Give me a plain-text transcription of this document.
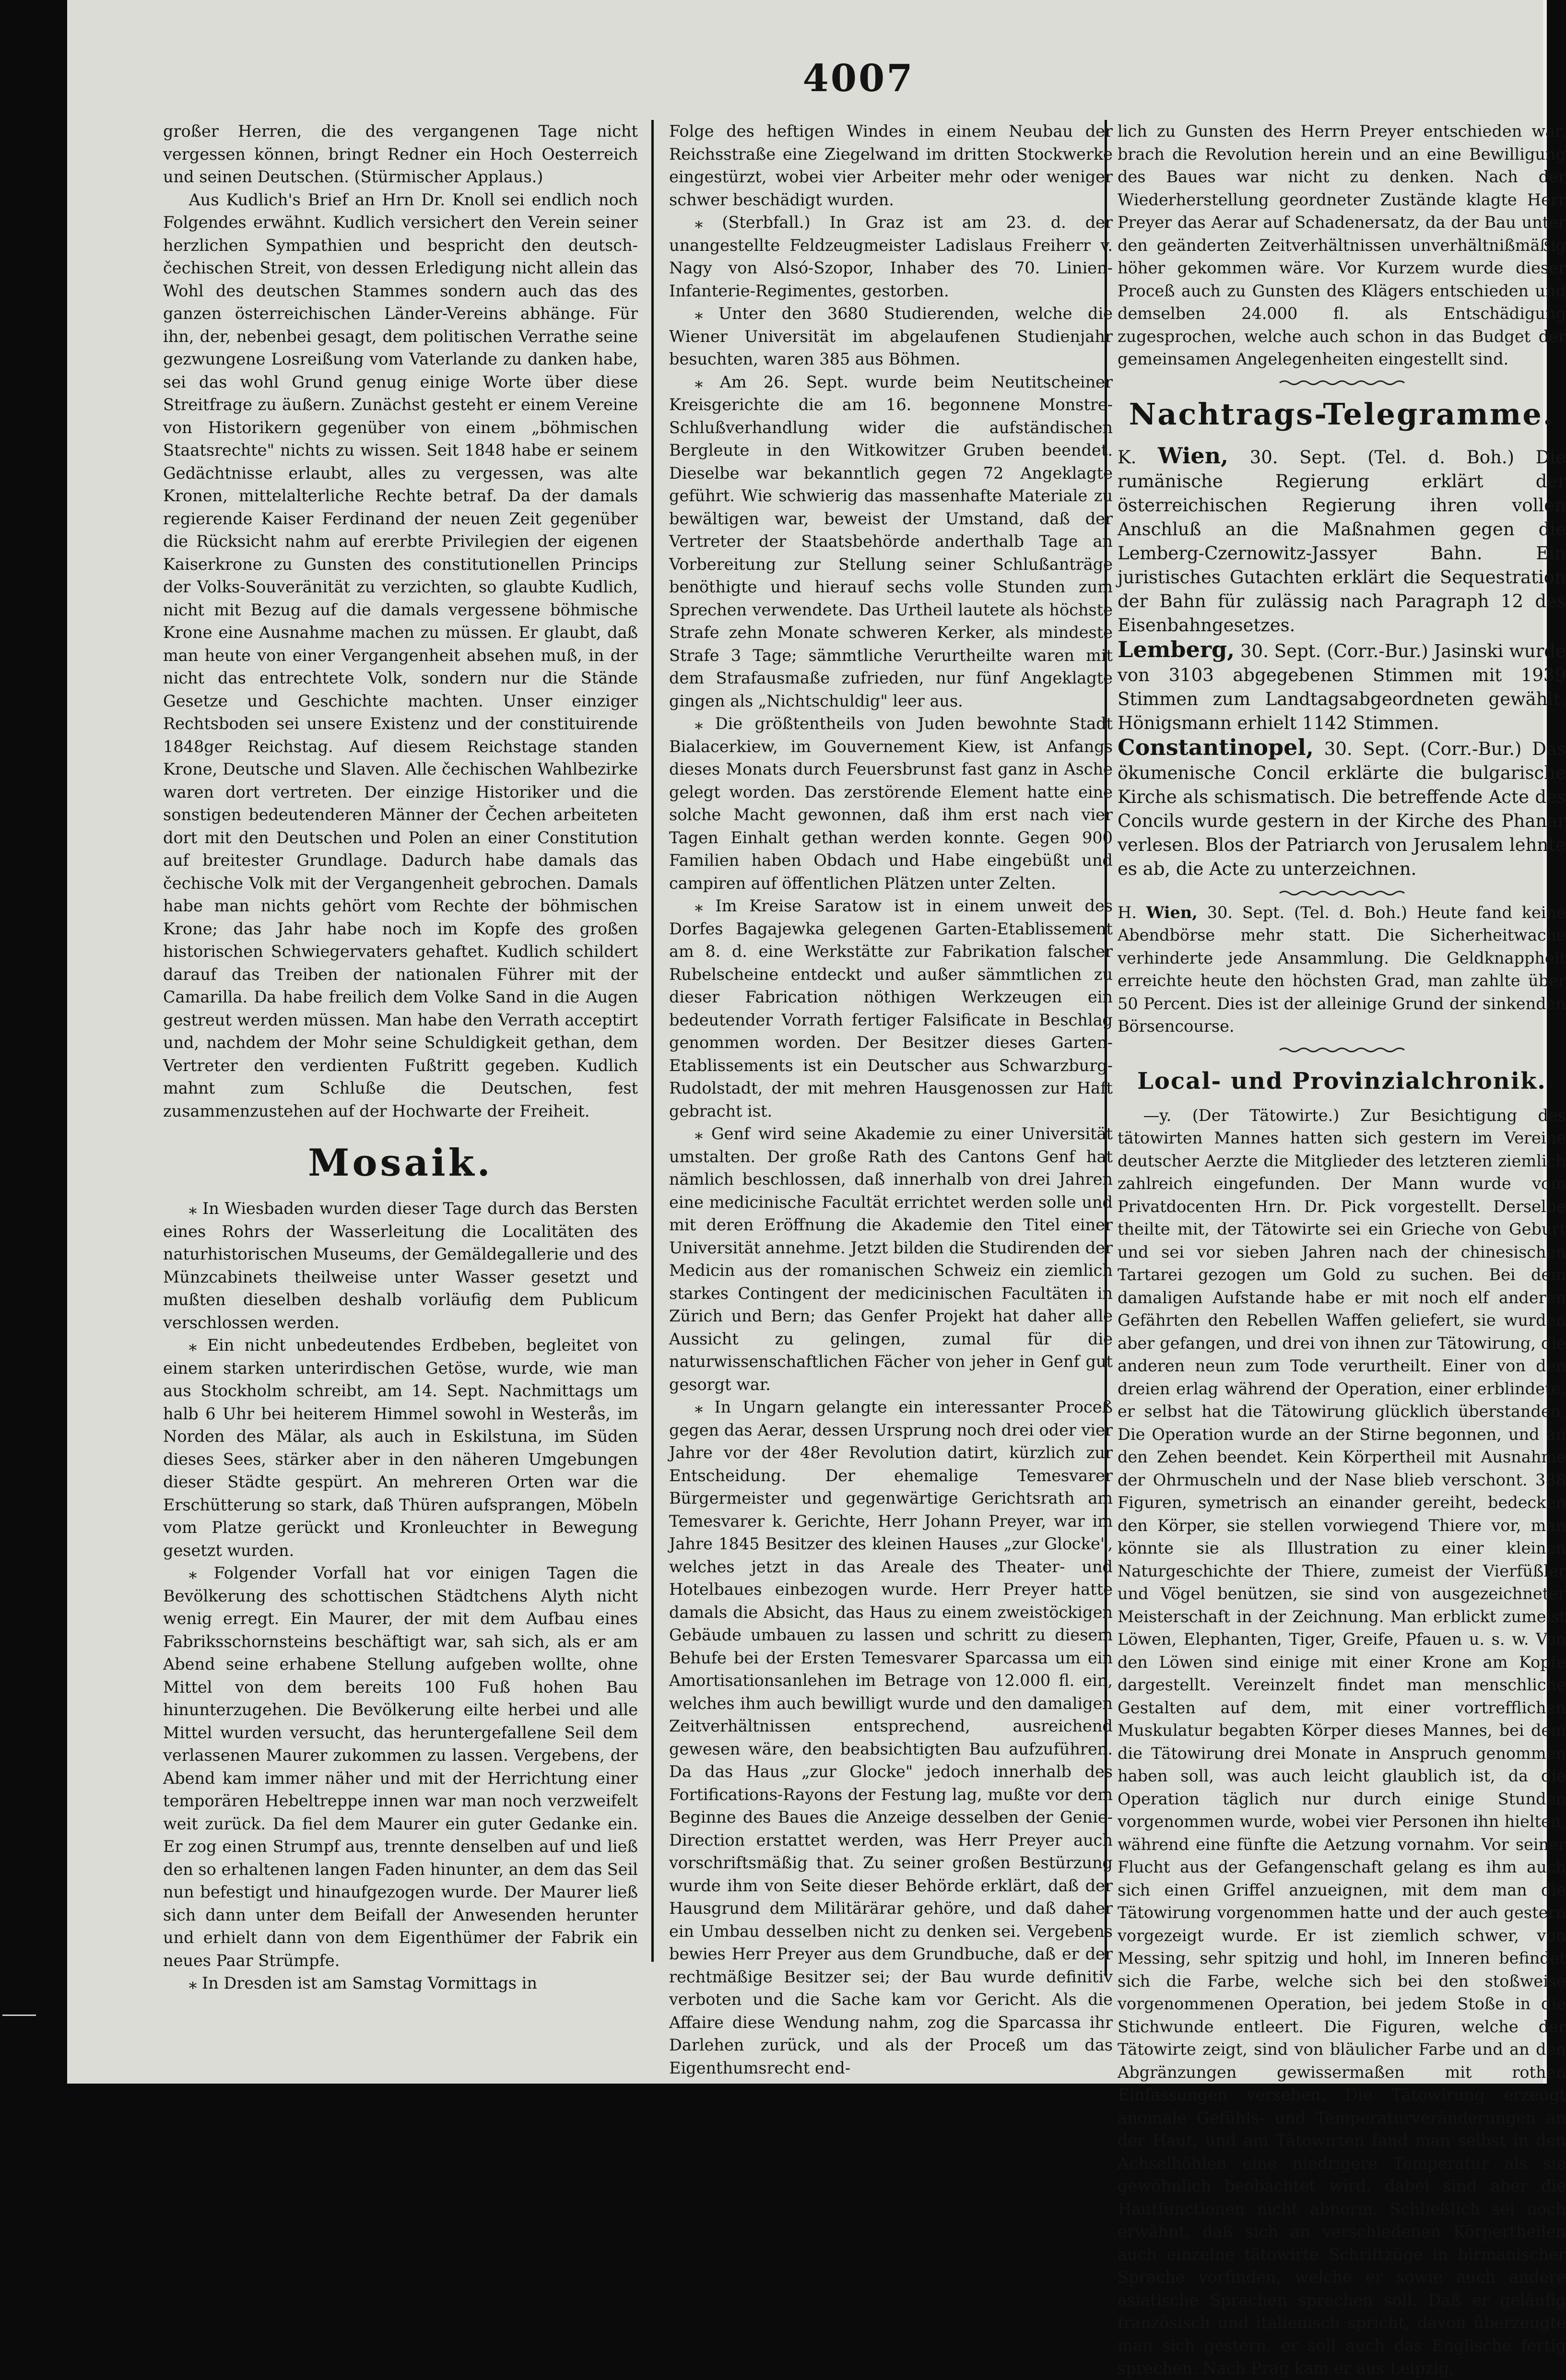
4007

großer Herren, die des vergangenen Tage nicht vergessen können, bringt Redner ein Hoch Oesterreich und seinen Deutschen. (Stürmischer Applaus.)

Aus Kudlich's Brief an Hrn Dr. Knoll sei endlich noch Folgendes erwähnt. Kudlich versichert den Verein seiner herzlichen Sympathien und bespricht den deutsch-čechischen Streit, von dessen Erledigung nicht allein das Wohl des deutschen Stammes sondern auch das des ganzen österreichischen Länder-Vereins abhänge. Für ihn, der, nebenbei gesagt, dem politischen Verrathe seine gezwungene Losreißung vom Vaterlande zu danken habe, sei das wohl Grund genug einige Worte über diese Streitfrage zu äußern. Zunächst gesteht er einem Vereine von Historikern gegenüber von einem „böhmischen Staatsrechte" nichts zu wissen. Seit 1848 habe er seinem Gedächtnisse erlaubt, alles zu vergessen, was alte Kronen, mittelalterliche Rechte betraf. Da der damals regierende Kaiser Ferdinand der neuen Zeit gegenüber die Rücksicht nahm auf ererbte Privilegien der eigenen Kaiserkrone zu Gunsten des constitutionellen Princips der Volks-Souveränität zu verzichten, so glaubte Kudlich, nicht mit Bezug auf die damals vergessene böhmische Krone eine Ausnahme machen zu müssen. Er glaubt, daß man heute von einer Vergangenheit absehen muß, in der nicht das entrechtete Volk, sondern nur die Stände Gesetze und Geschichte machten. Unser einziger Rechtsboden sei unsere Existenz und der constituirende 1848ger Reichstag. Auf diesem Reichstage standen Krone, Deutsche und Slaven. Alle čechischen Wahlbezirke waren dort vertreten. Der einzige Historiker und die sonstigen bedeutenderen Männer der Čechen arbeiteten dort mit den Deutschen und Polen an einer Constitution auf breitester Grundlage. Dadurch habe damals das čechische Volk mit der Vergangenheit gebrochen. Damals habe man nichts gehört vom Rechte der böhmischen Krone; das Jahr habe noch im Kopfe des großen historischen Schwiegervaters gehaftet. Kudlich schildert darauf das Treiben der nationalen Führer mit der Camarilla. Da habe freilich dem Volke Sand in die Augen gestreut werden müssen. Man habe den Verrath acceptirt und, nachdem der Mohr seine Schuldigkeit gethan, dem Vertreter den verdienten Fußtritt gegeben. Kudlich mahnt zum Schluße die Deutschen, fest zusammenzustehen auf der Hochwarte der Freiheit.

Mosaik.

⁎ In Wiesbaden wurden dieser Tage durch das Bersten eines Rohrs der Wasserleitung die Localitäten des naturhistorischen Museums, der Gemäldegallerie und des Münzcabinets theilweise unter Wasser gesetzt und mußten dieselben deshalb vorläufig dem Publicum verschlossen werden.

⁎ Ein nicht unbedeutendes Erdbeben, begleitet von einem starken unterirdischen Getöse, wurde, wie man aus Stockholm schreibt, am 14. Sept. Nachmittags um halb 6 Uhr bei heiterem Himmel sowohl in Westerås, im Norden des Mälar, als auch in Eskilstuna, im Süden dieses Sees, stärker aber in den näheren Umgebungen dieser Städte gespürt. An mehreren Orten war die Erschütterung so stark, daß Thüren aufsprangen, Möbeln vom Platze gerückt und Kronleuchter in Bewegung gesetzt wurden.

⁎ Folgender Vorfall hat vor einigen Tagen die Bevölkerung des schottischen Städtchens Alyth nicht wenig erregt. Ein Maurer, der mit dem Aufbau eines Fabriksschornsteins beschäftigt war, sah sich, als er am Abend seine erhabene Stellung aufgeben wollte, ohne Mittel von dem bereits 100 Fuß hohen Bau hinunterzugehen. Die Bevölkerung eilte herbei und alle Mittel wurden versucht, das heruntergefallene Seil dem verlassenen Maurer zukommen zu lassen. Vergebens, der Abend kam immer näher und mit der Herrichtung einer temporären Hebeltreppe innen war man noch verzweifelt weit zurück. Da fiel dem Maurer ein guter Gedanke ein. Er zog einen Strumpf aus, trennte denselben auf und ließ den so erhaltenen langen Faden hinunter, an dem das Seil nun befestigt und hinaufgezogen wurde. Der Maurer ließ sich dann unter dem Beifall der Anwesenden herunter und erhielt dann von dem Eigenthümer der Fabrik ein neues Paar Strümpfe.

⁎ In Dresden ist am Samstag Vormittags in

Folge des heftigen Windes in einem Neubau der Reichsstraße eine Ziegelwand im dritten Stockwerke eingestürzt, wobei vier Arbeiter mehr oder weniger schwer beschädigt wurden.

⁎ (Sterbfall.) In Graz ist am 23. d. der unangestellte Feldzeugmeister Ladislaus Freiherr v. Nagy von Alsó-Szopor, Inhaber des 70. Linien-Infanterie-Regimentes, gestorben.

⁎ Unter den 3680 Studierenden, welche die Wiener Universität im abgelaufenen Studienjahr besuchten, waren 385 aus Böhmen.

⁎ Am 26. Sept. wurde beim Neutitscheiner Kreisgerichte die am 16. begonnene Monstre-Schlußverhandlung wider die aufständischen Bergleute in den Witkowitzer Gruben beendet. Dieselbe war bekanntlich gegen 72 Angeklagte geführt. Wie schwierig das massenhafte Materiale zu bewältigen war, beweist der Umstand, daß der Vertreter der Staatsbehörde anderthalb Tage an Vorbereitung zur Stellung seiner Schlußanträge benöthigte und hierauf sechs volle Stunden zum Sprechen verwendete. Das Urtheil lautete als höchste Strafe zehn Monate schweren Kerker, als mindeste Strafe 3 Tage; sämmtliche Verurtheilte waren mit dem Strafausmaße zufrieden, nur fünf Angeklagte gingen als „Nichtschuldig" leer aus.

⁎ Die größtentheils von Juden bewohnte Stadt Bialacerkiew, im Gouvernement Kiew, ist Anfangs dieses Monats durch Feuersbrunst fast ganz in Asche gelegt worden. Das zerstörende Element hatte eine solche Macht gewonnen, daß ihm erst nach vier Tagen Einhalt gethan werden konnte. Gegen 900 Familien haben Obdach und Habe eingebüßt und campiren auf öffentlichen Plätzen unter Zelten.

⁎ Im Kreise Saratow ist in einem unweit des Dorfes Bagajewka gelegenen Garten-Etablissement am 8. d. eine Werkstätte zur Fabrikation falscher Rubelscheine entdeckt und außer sämmtlichen zu dieser Fabrication nöthigen Werkzeugen ein bedeutender Vorrath fertiger Falsificate in Beschlag genommen worden. Der Besitzer dieses Garten-Etablissements ist ein Deutscher aus Schwarzburg-Rudolstadt, der mit mehren Hausgenossen zur Haft gebracht ist.

⁎ Genf wird seine Akademie zu einer Universität umstalten. Der große Rath des Cantons Genf hat nämlich beschlossen, daß innerhalb von drei Jahren eine medicinische Facultät errichtet werden solle und mit deren Eröffnung die Akademie den Titel einer Universität annehme. Jetzt bilden die Studirenden der Medicin aus der romanischen Schweiz ein ziemlich starkes Contingent der medicinischen Facultäten in Zürich und Bern; das Genfer Projekt hat daher alle Aussicht zu gelingen, zumal für die naturwissenschaftlichen Fächer von jeher in Genf gut gesorgt war.

⁎ In Ungarn gelangte ein interessanter Proceß gegen das Aerar, dessen Ursprung noch drei oder vier Jahre vor der 48er Revolution datirt, kürzlich zur Entscheidung. Der ehemalige Temesvarer Bürgermeister und gegenwärtige Gerichtsrath am Temesvarer k. Gerichte, Herr Johann Preyer, war im Jahre 1845 Besitzer des kleinen Hauses „zur Glocke", welches jetzt in das Areale des Theater- und Hotelbaues einbezogen wurde. Herr Preyer hatte damals die Absicht, das Haus zu einem zweistöckigen Gebäude umbauen zu lassen und schritt zu diesem Behufe bei der Ersten Temesvarer Sparcassa um ein Amortisationsanlehen im Betrage von 12.000 fl. ein, welches ihm auch bewilligt wurde und den damaligen Zeitverhältnissen entsprechend, ausreichend gewesen wäre, den beabsichtigten Bau aufzuführen. Da das Haus „zur Glocke" jedoch innerhalb des Fortifications-Rayons der Festung lag, mußte vor dem Beginne des Baues die Anzeige desselben der Genie-Direction erstattet werden, was Herr Preyer auch vorschriftsmäßig that. Zu seiner großen Bestürzung wurde ihm von Seite dieser Behörde erklärt, daß der Hausgrund dem Militärärar gehöre, und daß daher ein Umbau desselben nicht zu denken sei. Vergebens bewies Herr Preyer aus dem Grundbuche, daß er der rechtmäßige Besitzer sei; der Bau wurde definitiv verboten und die Sache kam vor Gericht. Als die Affaire diese Wendung nahm, zog die Sparcassa ihr Darlehen zurück, und als der Proceß um das Eigenthumsrecht end-

lich zu Gunsten des Herrn Preyer entschieden war, brach die Revolution herein und an eine Bewilligung des Baues war nicht zu denken. Nach der Wiederherstellung geordneter Zustände klagte Herr Preyer das Aerar auf Schadenersatz, da der Bau unter den geänderten Zeitverhältnissen unverhältnißmäßig höher gekommen wäre. Vor Kurzem wurde dieser Proceß auch zu Gunsten des Klägers entschieden und demselben 24.000 fl. als Entschädigung zugesprochen, welche auch schon in das Budget der gemeinsamen Angelegenheiten eingestellt sind.

Nachtrags-Telegramme.

K. Wien, 30. Sept. (Tel. d. Boh.) Die rumänische Regierung erklärt der österreichischen Regierung ihren vollen Anschluß an die Maßnahmen gegen die Lemberg-Czernowitz-Jassyer Bahn. Ein juristisches Gutachten erklärt die Sequestration der Bahn für zulässig nach Paragraph 12 des Eisenbahngesetzes.

Lemberg, 30. Sept. (Corr.-Bur.) Jasinski wurde von 3103 abgegebenen Stimmen mit 1939 Stimmen zum Landtagsabgeordneten gewählt. Hönigsmann erhielt 1142 Stimmen.

Constantinopel, 30. Sept. (Corr.-Bur.) Das ökumenische Concil erklärte die bulgarische Kirche als schismatisch. Die betreffende Acte des Concils wurde gestern in der Kirche des Phanar verlesen. Blos der Patriarch von Jerusalem lehnte es ab, die Acte zu unterzeichnen.

H. Wien, 30. Sept. (Tel. d. Boh.) Heute fand keine Abendbörse mehr statt. Die Sicherheitwache verhinderte jede Ansammlung. Die Geldknappheit erreichte heute den höchsten Grad, man zahlte über 50 Percent. Dies ist der alleinige Grund der sinkenden Börsencourse.

Local- und Provinzialchronik.

—y. (Der Tätowirte.) Zur Besichtigung des tätowirten Mannes hatten sich gestern im Vereine deutscher Aerzte die Mitglieder des letzteren ziemlich zahlreich eingefunden. Der Mann wurde vom Privatdocenten Hrn. Dr. Pick vorgestellt. Derselbe theilte mit, der Tätowirte sei ein Grieche von Geburt und sei vor sieben Jahren nach der chinesischen Tartarei gezogen um Gold zu suchen. Bei dem damaligen Aufstande habe er mit noch elf anderen Gefährten den Rebellen Waffen geliefert, sie wurden aber gefangen, und drei von ihnen zur Tätowirung, die anderen neun zum Tode verurtheilt. Einer von den dreien erlag während der Operation, einer erblindete, er selbst hat die Tätowirung glücklich überstanden. Die Operation wurde an der Stirne begonnen, und an den Zehen beendet. Kein Körpertheil mit Ausnahme der Ohrmuscheln und der Nase blieb verschont. 388 Figuren, symetrisch an einander gereiht, bedecken den Körper, sie stellen vorwiegend Thiere vor, man könnte sie als Illustration zu einer kleinen Naturgeschichte der Thiere, zumeist der Vierfüßler und Vögel benützen, sie sind von ausgezeichneter Meisterschaft in der Zeichnung. Man erblickt zumeist Löwen, Elephanten, Tiger, Greife, Pfauen u. s. w. Von den Löwen sind einige mit einer Krone am Kopfe dargestellt. Vereinzelt findet man menschliche Gestalten auf dem, mit einer vortrefflichen Muskulatur begabten Körper dieses Mannes, bei dem die Tätowirung drei Monate in Anspruch genommen haben soll, was auch leicht glaublich ist, da die Operation täglich nur durch einige Stunden vorgenommen wurde, wobei vier Personen ihn hielten, während eine fünfte die Aetzung vornahm. Vor seiner Flucht aus der Gefangenschaft gelang es ihm auch sich einen Griffel anzueignen, mit dem man die Tätowirung vorgenommen hatte und der auch gestern vorgezeigt wurde. Er ist ziemlich schwer, von Messing, sehr spitzig und hohl, im Inneren befindet sich die Farbe, welche sich bei den stoßweise vorgenommenen Operation, bei jedem Stoße in die Stichwunde entleert. Die Figuren, welche der Tätowirte zeigt, sind von bläulicher Farbe und an den Abgränzungen gewissermaßen mit rothen Einfassungen versehen. Die Tätowirung erzeugt anomale Gefühls- und Temperaturveränderungen an der Haut, und am Tätowirten fand man selbst in den Achselhöhlen eine niedrigere Temperatur als sie gewöhnlich beobachtet wird, dabei sind aber die Hautfunctionen nicht abnorm. Schließlich sei noch erwähnt, daß sich an verschiedenen Körpertheilen auch einzelne tätowirte Schriftzüge in birmanischer Sprache vorfinden, welche er sowie auch andere asiatische Sprachen sprechen soll. Daß er geläufig französisch und italienisch spricht, davon überzeugte man sich gestern, er soll auch das Englische fertig sprechen. Nach Prag kam er aus Leipzig,
